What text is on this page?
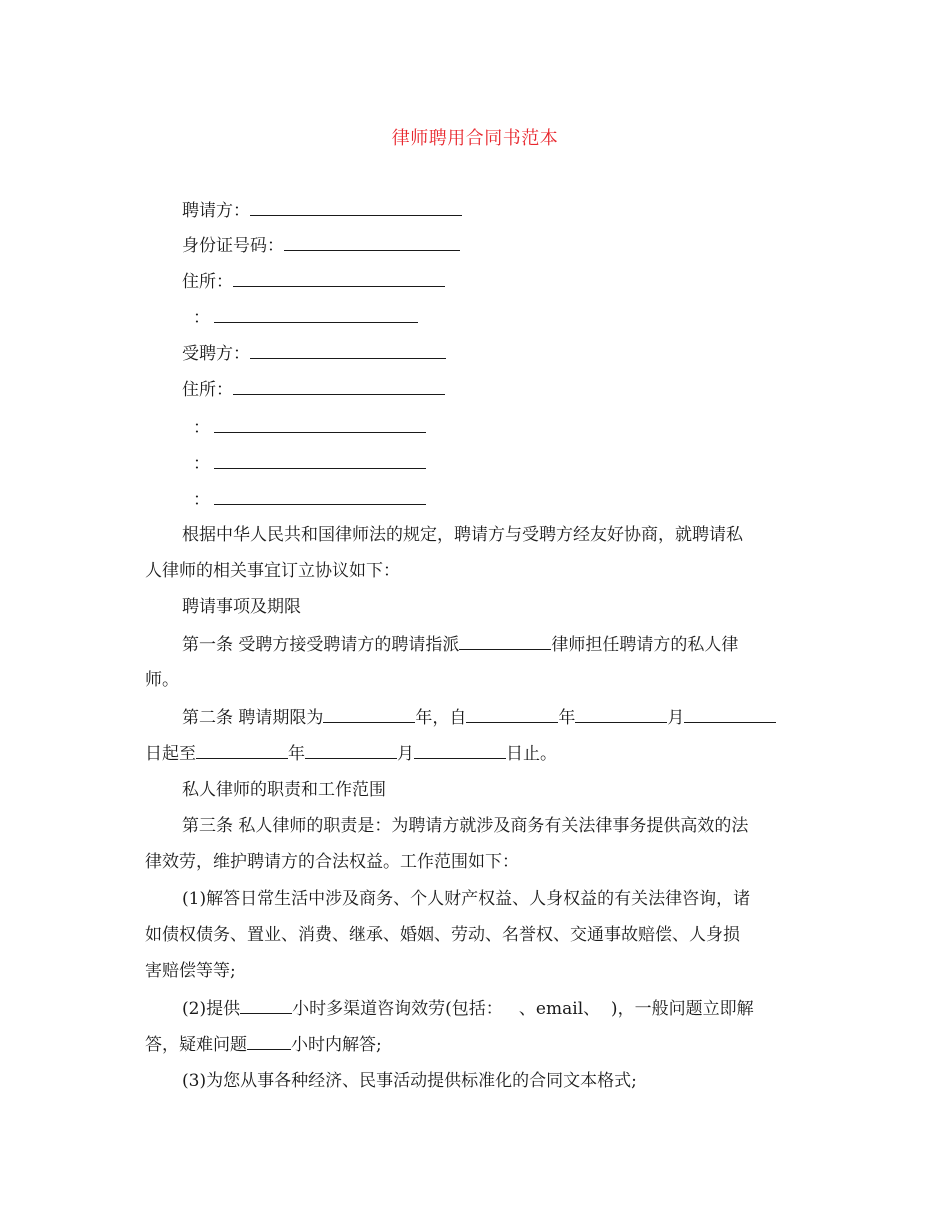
律师聘用合同书范本
聘请方：
身份证号码：
住所：
：
受聘方：
住所：
：
：
：
根据中华人民共和国律师法的规定，聘请方与受聘方经友好协商，就聘请私
人律师的相关事宜订立协议如下：
聘请事项及期限
第一条 受聘方接受聘请方的聘请指派	律师担任聘请方的私人律
师。
第二条 聘请期限为	年，自	年	月
日起至	年	月	日止。
私人律师的职责和工作范围
第三条 私人律师的职责是：为聘请方就涉及商务有关法律事务提供高效的法
律效劳，维护聘请方的合法权益。工作范围如下：
(1)解答日常生活中涉及商务、个人财产权益、人身权益的有关法律咨询，诸
如债权债务、置业、消费、继承、婚姻、劳动、名誉权、交通事故赔偿、人身损
害赔偿等等;
(2)提供	小时多渠道咨询效劳(包括：   、email、  )，一般问题立即解
答，疑难问题	小时内解答;
(3)为您从事各种经济、民事活动提供标准化的合同文本格式;
